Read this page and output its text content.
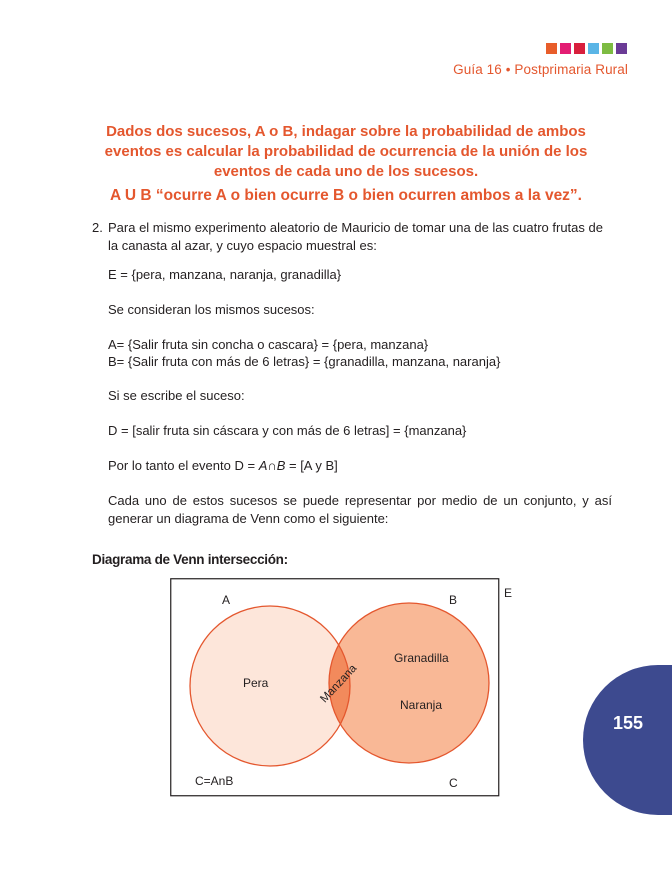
Guía 16 • Postprimaria Rural
Dados dos sucesos, A o B, indagar sobre la probabilidad de ambos eventos es calcular la probabilidad de ocurrencia de la unión de los eventos de cada uno de los sucesos.
A U B “ocurre A o bien ocurre B o bien ocurren ambos a la vez”.
2. Para el mismo experimento aleatorio de Mauricio de tomar una de las cuatro frutas de la canasta al azar, y cuyo espacio muestral es:
E = {pera, manzana, naranja, granadilla}
Se consideran los mismos sucesos:
A= {Salir fruta sin concha o cascara} = {pera, manzana}
B= {Salir fruta con más de 6 letras} = {granadilla, manzana, naranja}
Si se escribe el suceso:
D = [salir fruta sin cáscara y con más de 6 letras] = {manzana}
Por lo tanto el evento D = A∩B = [A y B]
Cada uno de estos sucesos se puede representar por medio de un conjunto, y así generar un diagrama de Venn como el siguiente:
Diagrama de Venn intersección:
A	B
Pera
Granadilla
Naranja
Manzana
C=AnB	C
E
155
